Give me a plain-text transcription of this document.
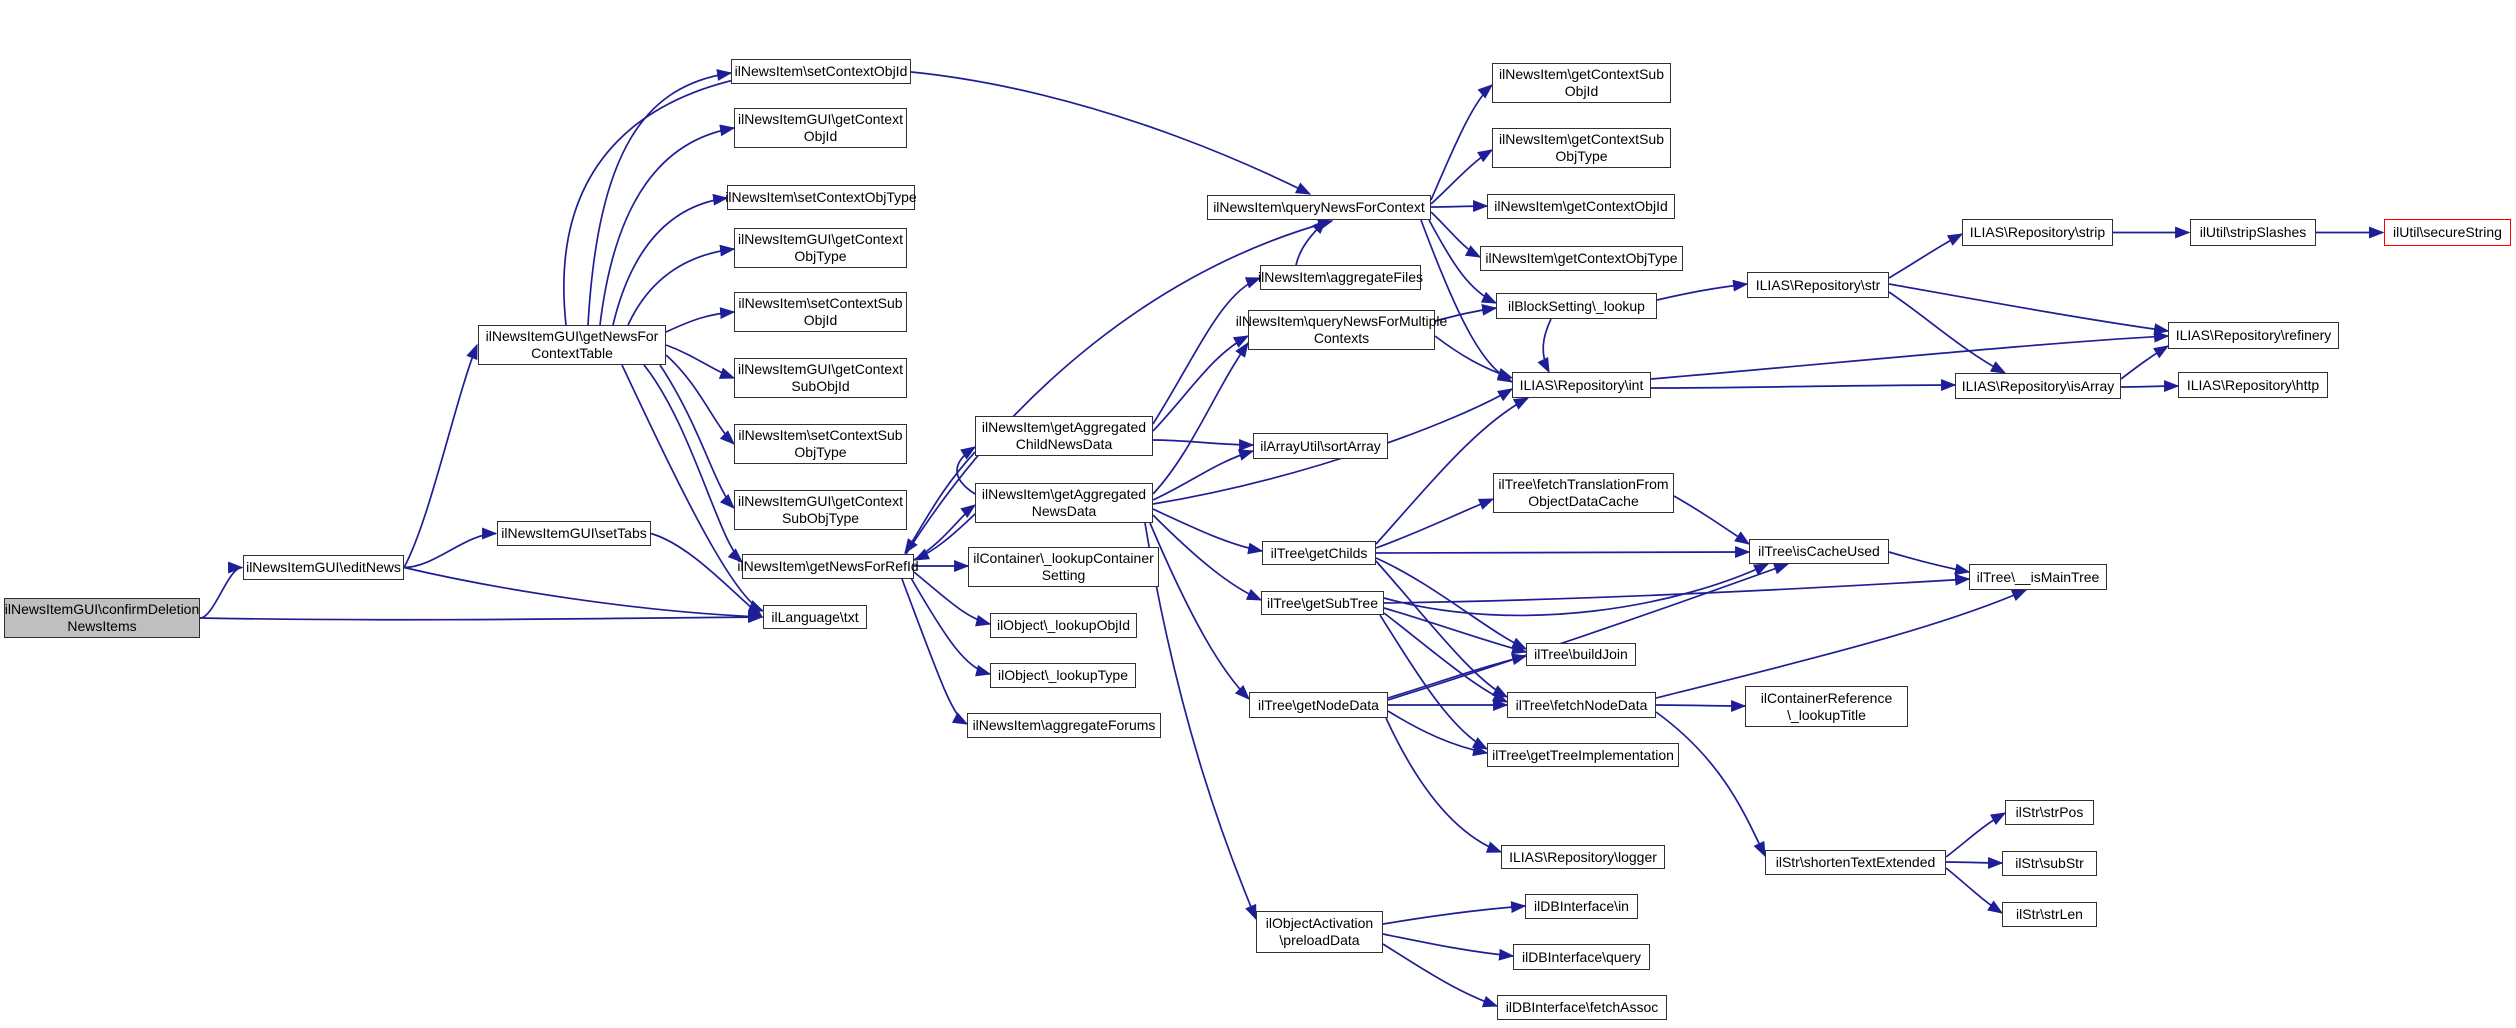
ilNewsItemGUI\confirmDeletion
NewsItems
ilNewsItemGUI\editNews
ilNewsItemGUI\setTabs
ilNewsItemGUI\getNewsFor
ContextTable
ilLanguage\txt
ilNewsItem\getNewsForRefId
ilNewsItem\setContextObjId
ilNewsItemGUI\getContext
ObjId
ilNewsItem\setContextObjType
ilNewsItemGUI\getContext
ObjType
ilNewsItem\setContextSub
ObjId
ilNewsItemGUI\getContext
SubObjId
ilNewsItem\setContextSub
ObjType
ilNewsItemGUI\getContext
SubObjType
ilNewsItem\getAggregated
ChildNewsData
ilNewsItem\getAggregated
NewsData
ilContainer\_lookupContainer
Setting
ilObject\_lookupObjId
ilObject\_lookupType
ilNewsItem\aggregateForums
ilNewsItem\queryNewsForContext
ilNewsItem\aggregateFiles
ilNewsItem\queryNewsForMultiple
Contexts
ilArrayUtil\sortArray
ilNewsItem\getContextSub
ObjId
ilNewsItem\getContextSub
ObjType
ilNewsItem\getContextObjId
ilNewsItem\getContextObjType
ilBlockSetting\_lookup
ILIAS\Repository\int
ILIAS\Repository\str
ILIAS\Repository\strip	ilUtil\stripSlashes	ilUtil\secureString
ILIAS\Repository\refinery
ILIAS\Repository\isArray	ILIAS\Repository\http
ilTree\fetchTranslationFrom
ObjectDataCache
ilTree\getChilds
ilTree\getSubTree
ilTree\isCacheUsed
ilTree\__isMainTree
ilTree\getNodeData
ilTree\buildJoin
ilTree\fetchNodeData
ilTree\getTreeImplementation
ilContainerReference
\_lookupTitle
ILIAS\Repository\logger	ilStr\shortenTextExtended
ilStr\strPos
ilStr\subStr
ilStr\strLen
ilObjectActivation
\preloadData
ilDBInterface\in
ilDBInterface\query
ilDBInterface\fetchAssoc
